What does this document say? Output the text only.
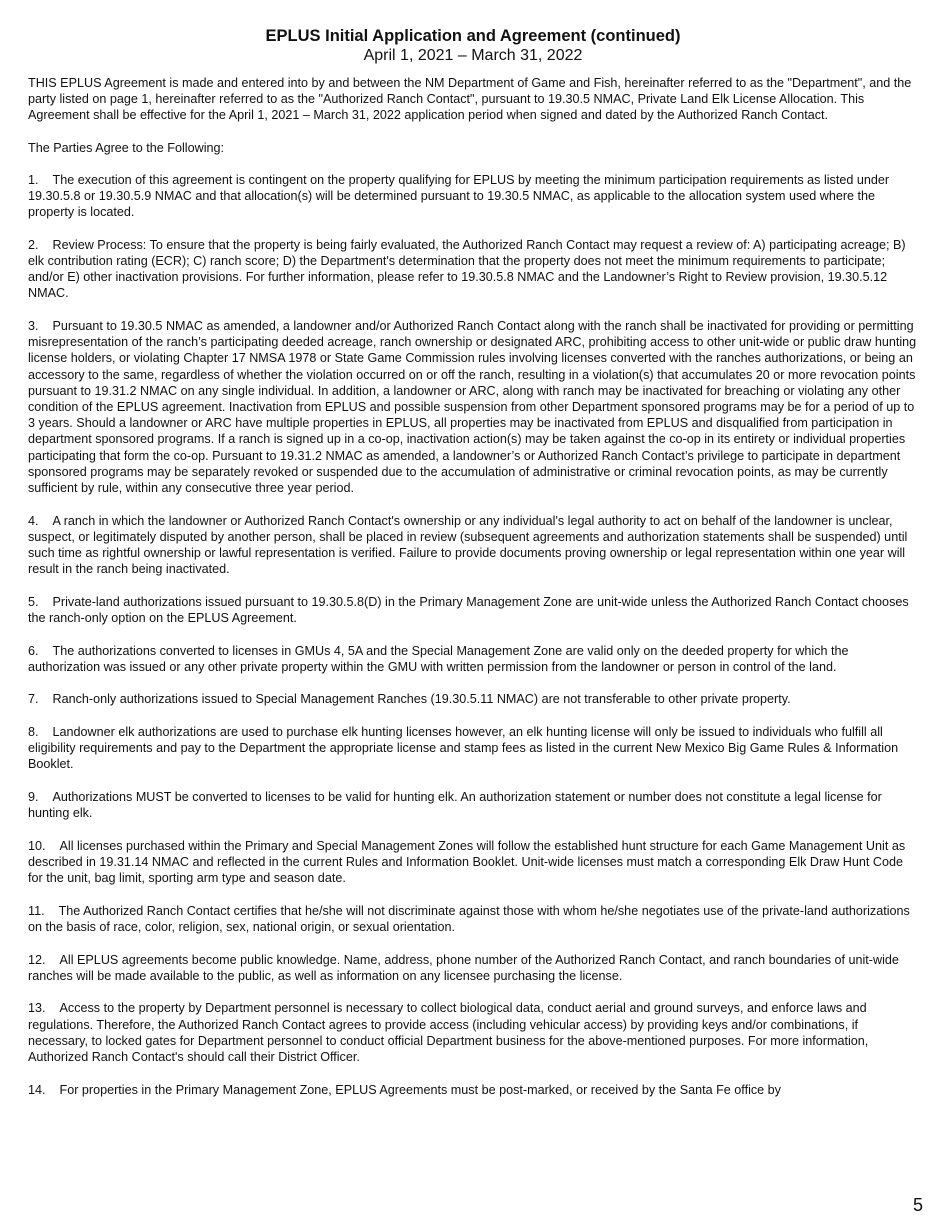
EPLUS Initial Application and Agreement (continued)
April 1, 2021 – March 31, 2022

THIS EPLUS Agreement is made and entered into by and between the NM Department of Game and Fish, hereinafter referred to as the "Department", and the party listed on page 1, hereinafter referred to as the "Authorized Ranch Contact", pursuant to 19.30.5 NMAC, Private Land Elk License Allocation. This Agreement shall be effective for the April 1, 2021 – March 31, 2022 application period when signed and dated by the Authorized Ranch Contact.

The Parties Agree to the Following:

1. The execution of this agreement is contingent on the property qualifying for EPLUS by meeting the minimum participation requirements as listed under 19.30.5.8 or 19.30.5.9 NMAC and that allocation(s) will be determined pursuant to 19.30.5 NMAC, as applicable to the allocation system used where the property is located.

2. Review Process: To ensure that the property is being fairly evaluated, the Authorized Ranch Contact may request a review of: A) participating acreage; B) elk contribution rating (ECR); C) ranch score; D) the Department's determination that the property does not meet the minimum requirements to participate; and/or E) other inactivation provisions. For further information, please refer to 19.30.5.8 NMAC and the Landowner’s Right to Review provision, 19.30.5.12 NMAC.

3. Pursuant to 19.30.5 NMAC as amended, a landowner and/or Authorized Ranch Contact along with the ranch shall be inactivated for providing or permitting misrepresentation of the ranch’s participating deeded acreage, ranch ownership or designated ARC, prohibiting access to other unit-wide or public draw hunting license holders, or violating Chapter 17 NMSA 1978 or State Game Commission rules involving licenses converted with the ranches authorizations, or being an accessory to the same, regardless of whether the violation occurred on or off the ranch, resulting in a violation(s) that accumulates 20 or more revocation points pursuant to 19.31.2 NMAC on any single individual. In addition, a landowner or ARC, along with ranch may be inactivated for breaching or violating any other condition of the EPLUS agreement. Inactivation from EPLUS and possible suspension from other Department sponsored programs may be for a period of up to 3 years. Should a landowner or ARC have multiple properties in EPLUS, all properties may be inactivated from EPLUS and disqualified from participation in department sponsored programs. If a ranch is signed up in a co-op, inactivation action(s) may be taken against the co-op in its entirety or individual properties participating that form the co-op. Pursuant to 19.31.2 NMAC as amended, a landowner’s or Authorized Ranch Contact’s privilege to participate in department sponsored programs may be separately revoked or suspended due to the accumulation of administrative or criminal revocation points, as may be currently sufficient by rule, within any consecutive three year period.

4. A ranch in which the landowner or Authorized Ranch Contact's ownership or any individual's legal authority to act on behalf of the landowner is unclear, suspect, or legitimately disputed by another person, shall be placed in review (subsequent agreements and authorization statements shall be suspended) until such time as rightful ownership or lawful representation is verified. Failure to provide documents proving ownership or legal representation within one year will result in the ranch being inactivated.

5. Private-land authorizations issued pursuant to 19.30.5.8(D) in the Primary Management Zone are unit-wide unless the Authorized Ranch Contact chooses the ranch-only option on the EPLUS Agreement.

6. The authorizations converted to licenses in GMUs 4, 5A and the Special Management Zone are valid only on the deeded property for which the authorization was issued or any other private property within the GMU with written permission from the landowner or person in control of the land.

7. Ranch-only authorizations issued to Special Management Ranches (19.30.5.11 NMAC) are not transferable to other private property.

8. Landowner elk authorizations are used to purchase elk hunting licenses however, an elk hunting license will only be issued to individuals who fulfill all eligibility requirements and pay to the Department the appropriate license and stamp fees as listed in the current New Mexico Big Game Rules & Information Booklet.

9. Authorizations MUST be converted to licenses to be valid for hunting elk. An authorization statement or number does not constitute a legal license for hunting elk.

10. All licenses purchased within the Primary and Special Management Zones will follow the established hunt structure for each Game Management Unit as described in 19.31.14 NMAC and reflected in the current Rules and Information Booklet. Unit-wide licenses must match a corresponding Elk Draw Hunt Code for the unit, bag limit, sporting arm type and season date.

11. The Authorized Ranch Contact certifies that he/she will not discriminate against those with whom he/she negotiates use of the private-land authorizations on the basis of race, color, religion, sex, national origin, or sexual orientation.

12. All EPLUS agreements become public knowledge. Name, address, phone number of the Authorized Ranch Contact, and ranch boundaries of unit-wide ranches will be made available to the public, as well as information on any licensee purchasing the license.

13. Access to the property by Department personnel is necessary to collect biological data, conduct aerial and ground surveys, and enforce laws and regulations. Therefore, the Authorized Ranch Contact agrees to provide access (including vehicular access) by providing keys and/or combinations, if necessary, to locked gates for Department personnel to conduct official Department business for the above-mentioned purposes. For more information, Authorized Ranch Contact's should call their District Officer.

14. For properties in the Primary Management Zone, EPLUS Agreements must be post-marked, or received by the Santa Fe office by

5
